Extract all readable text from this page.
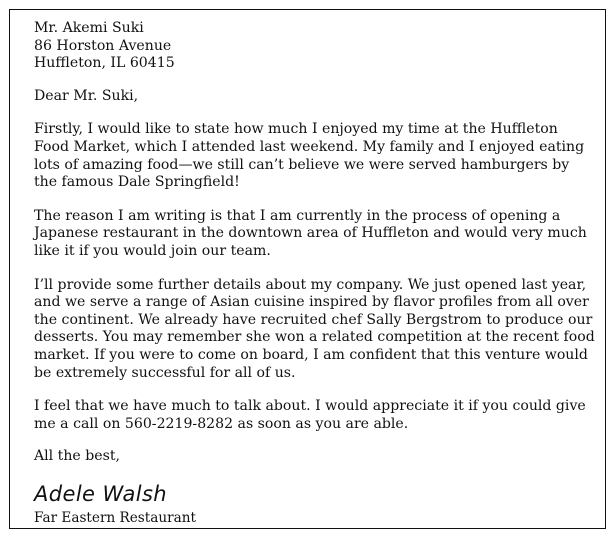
Mr. Akemi Suki
86 Horston Avenue
Huffleton, IL 60415

Dear Mr. Suki,

Firstly, I would like to state how much I enjoyed my time at the Huffleton Food Market, which I attended last weekend. My family and I enjoyed eating lots of amazing food—we still can’t believe we were served hamburgers by the famous Dale Springfield!

The reason I am writing is that I am currently in the process of opening a Japanese restaurant in the downtown area of Huffleton and would very much like it if you would join our team.

I’ll provide some further details about my company. We just opened last year, and we serve a range of Asian cuisine inspired by flavor profiles from all over the continent. We already have recruited chef Sally Bergstrom to produce our desserts. You may remember she won a related competition at the recent food market. If you were to come on board, I am confident that this venture would be extremely successful for all of us.

I feel that we have much to talk about. I would appreciate it if you could give me a call on 560-2219-8282 as soon as you are able.

All the best,

Adele Walsh
Far Eastern Restaurant
